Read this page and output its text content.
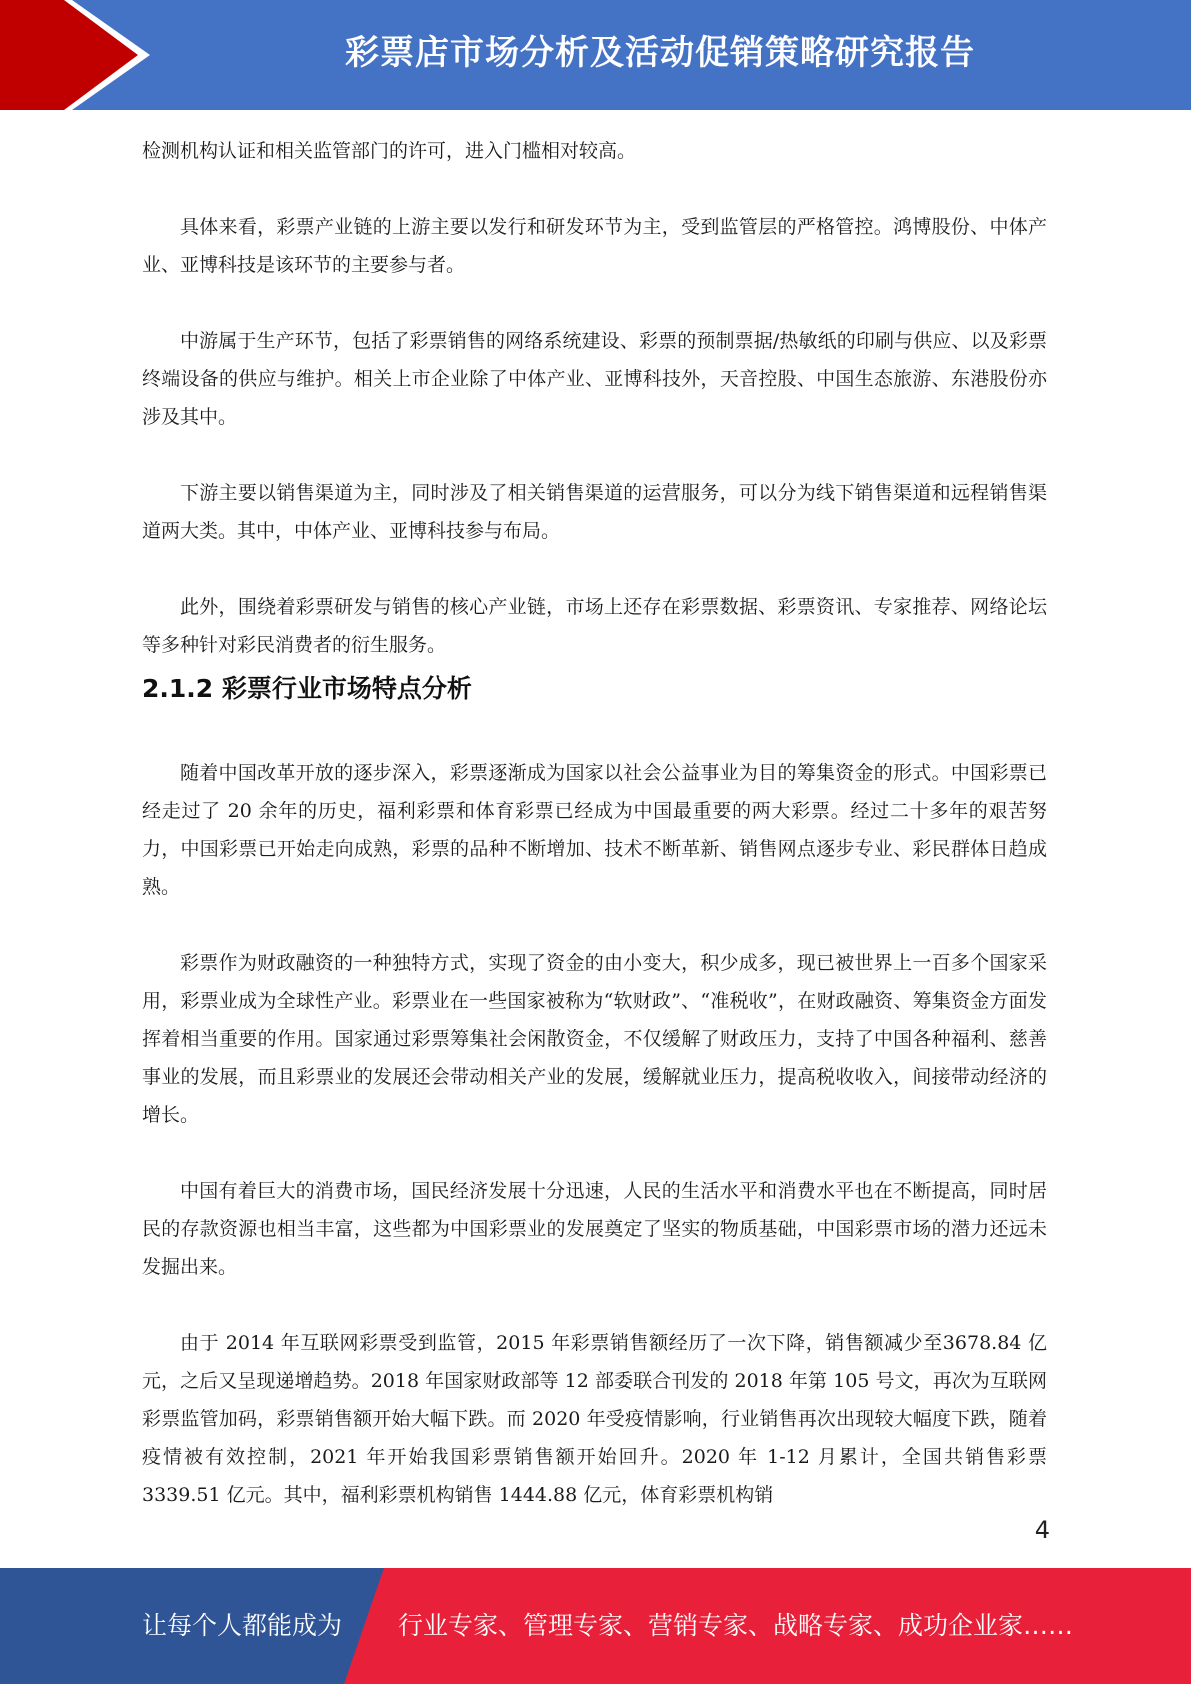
彩票店市场分析及活动促销策略研究报告

检测机构认证和相关监管部门的许可，进入门槛相对较高。

具体来看，彩票产业链的上游主要以发行和研发环节为主，受到监管层的严格管控。鸿博股份、中体产业、亚博科技是该环节的主要参与者。

中游属于生产环节，包括了彩票销售的网络系统建设、彩票的预制票据/热敏纸的印刷与供应、以及彩票终端设备的供应与维护。相关上市企业除了中体产业、亚博科技外，天音控股、中国生态旅游、东港股份亦涉及其中。

下游主要以销售渠道为主，同时涉及了相关销售渠道的运营服务，可以分为线下销售渠道和远程销售渠道两大类。其中，中体产业、亚博科技参与布局。

此外，围绕着彩票研发与销售的核心产业链，市场上还存在彩票数据、彩票资讯、专家推荐、网络论坛等多种针对彩民消费者的衍生服务。

2.1.2 彩票行业市场特点分析

随着中国改革开放的逐步深入，彩票逐渐成为国家以社会公益事业为目的筹集资金的形式。中国彩票已经走过了 20 余年的历史，福利彩票和体育彩票已经成为中国最重要的两大彩票。经过二十多年的艰苦努力，中国彩票已开始走向成熟，彩票的品种不断增加、技术不断革新、销售网点逐步专业、彩民群体日趋成熟。

彩票作为财政融资的一种独特方式，实现了资金的由小变大，积少成多，现已被世界上一百多个国家采用，彩票业成为全球性产业。彩票业在一些国家被称为“软财政”、“准税收”，在财政融资、筹集资金方面发挥着相当重要的作用。国家通过彩票筹集社会闲散资金，不仅缓解了财政压力，支持了中国各种福利、慈善事业的发展，而且彩票业的发展还会带动相关产业的发展，缓解就业压力，提高税收收入，间接带动经济的增长。

中国有着巨大的消费市场，国民经济发展十分迅速，人民的生活水平和消费水平也在不断提高，同时居民的存款资源也相当丰富，这些都为中国彩票业的发展奠定了坚实的物质基础，中国彩票市场的潜力还远未发掘出来。

由于 2014 年互联网彩票受到监管，2015 年彩票销售额经历了一次下降，销售额减少至3678.84 亿元，之后又呈现递增趋势。2018 年国家财政部等 12 部委联合刊发的 2018 年第 105 号文，再次为互联网彩票监管加码，彩票销售额开始大幅下跌。而 2020 年受疫情影响，行业销售再次出现较大幅度下跌，随着疫情被有效控制，2021 年开始我国彩票销售额开始回升。2020 年 1-12 月累计，全国共销售彩票 3339.51 亿元。其中，福利彩票机构销售 1444.88 亿元，体育彩票机构销

4
让每个人都能成为 行业专家、管理专家、营销专家、战略专家、成功企业家……
